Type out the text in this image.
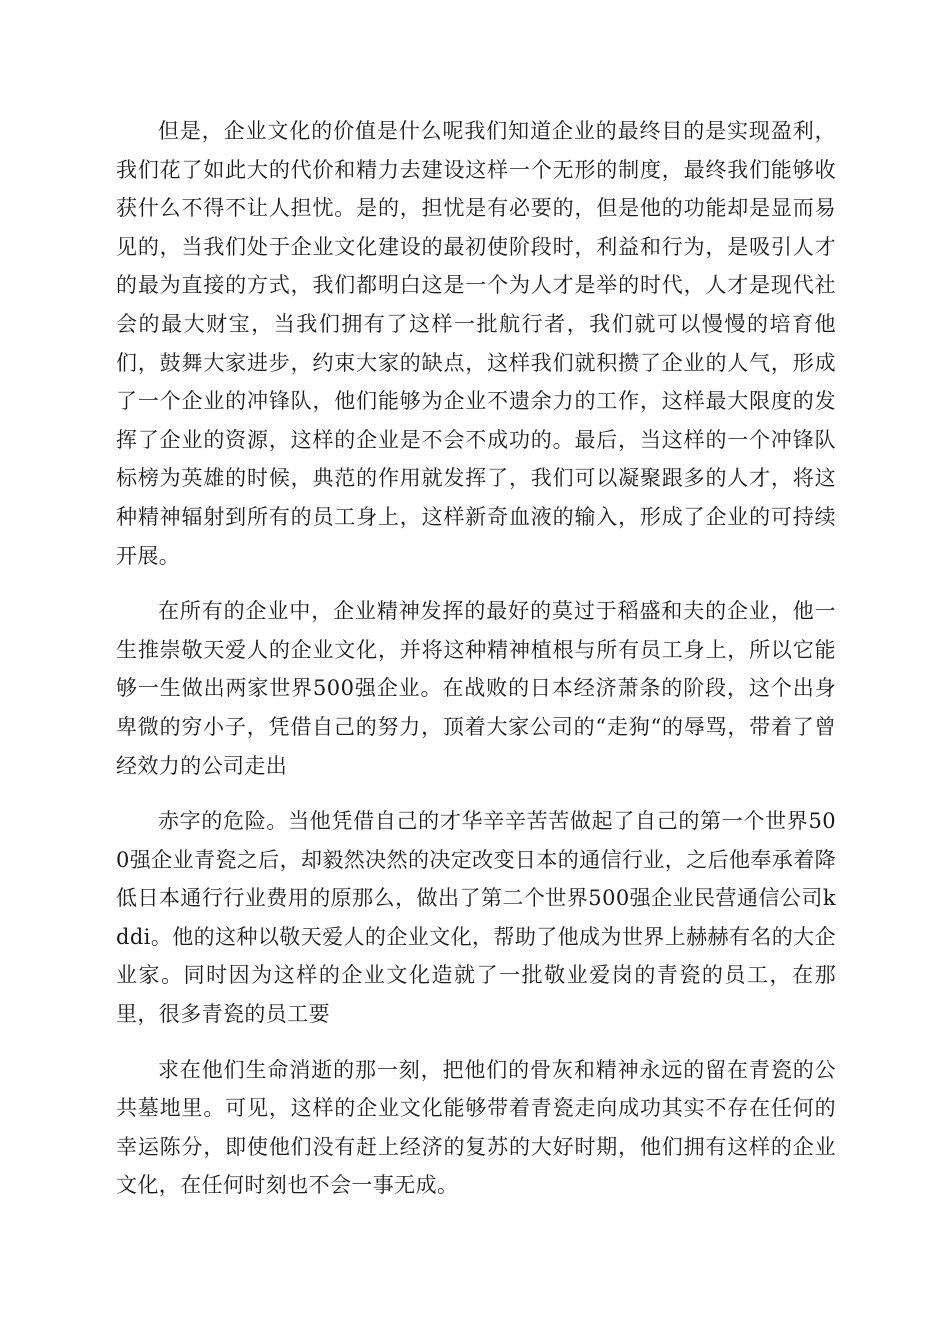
但是，企业文化的价值是什么呢我们知道企业的最终目的是实现盈利，我们花了如此大的代价和精力去建设这样一个无形的制度，最终我们能够收获什么不得不让人担忧。是的，担忧是有必要的，但是他的功能却是显而易见的，当我们处于企业文化建设的最初使阶段时，利益和行为，是吸引人才的最为直接的方式，我们都明白这是一个为人才是举的时代，人才是现代社会的最大财宝，当我们拥有了这样一批航行者，我们就可以慢慢的培育他们，鼓舞大家进步，约束大家的缺点，这样我们就积攒了企业的人气，形成了一个企业的冲锋队，他们能够为企业不遗余力的工作，这样最大限度的发挥了企业的资源，这样的企业是不会不成功的。最后，当这样的一个冲锋队标榜为英雄的时候，典范的作用就发挥了，我们可以凝聚跟多的人才，将这种精神辐射到所有的员工身上，这样新奇血液的输入，形成了企业的可持续开展。

在所有的企业中，企业精神发挥的最好的莫过于稻盛和夫的企业，他一生推崇敬天爱人的企业文化，并将这种精神植根与所有员工身上，所以它能够一生做出两家世界500强企业。在战败的日本经济萧条的阶段，这个出身卑微的穷小子，凭借自己的努力，顶着大家公司的“走狗“的辱骂，带着了曾经效力的公司走出

赤字的危险。当他凭借自己的才华辛辛苦苦做起了自己的第一个世界500强企业青瓷之后，却毅然决然的决定改变日本的通信行业，之后他奉承着降低日本通行行业费用的原那么，做出了第二个世界500强企业民营通信公司kddi。他的这种以敬天爱人的企业文化，帮助了他成为世界上赫赫有名的大企业家。同时因为这样的企业文化造就了一批敬业爱岗的青瓷的员工，在那里，很多青瓷的员工要

求在他们生命消逝的那一刻，把他们的骨灰和精神永远的留在青瓷的公共墓地里。可见，这样的企业文化能够带着青瓷走向成功其实不存在任何的幸运陈分，即使他们没有赶上经济的复苏的大好时期，他们拥有这样的企业文化，在任何时刻也不会一事无成。
